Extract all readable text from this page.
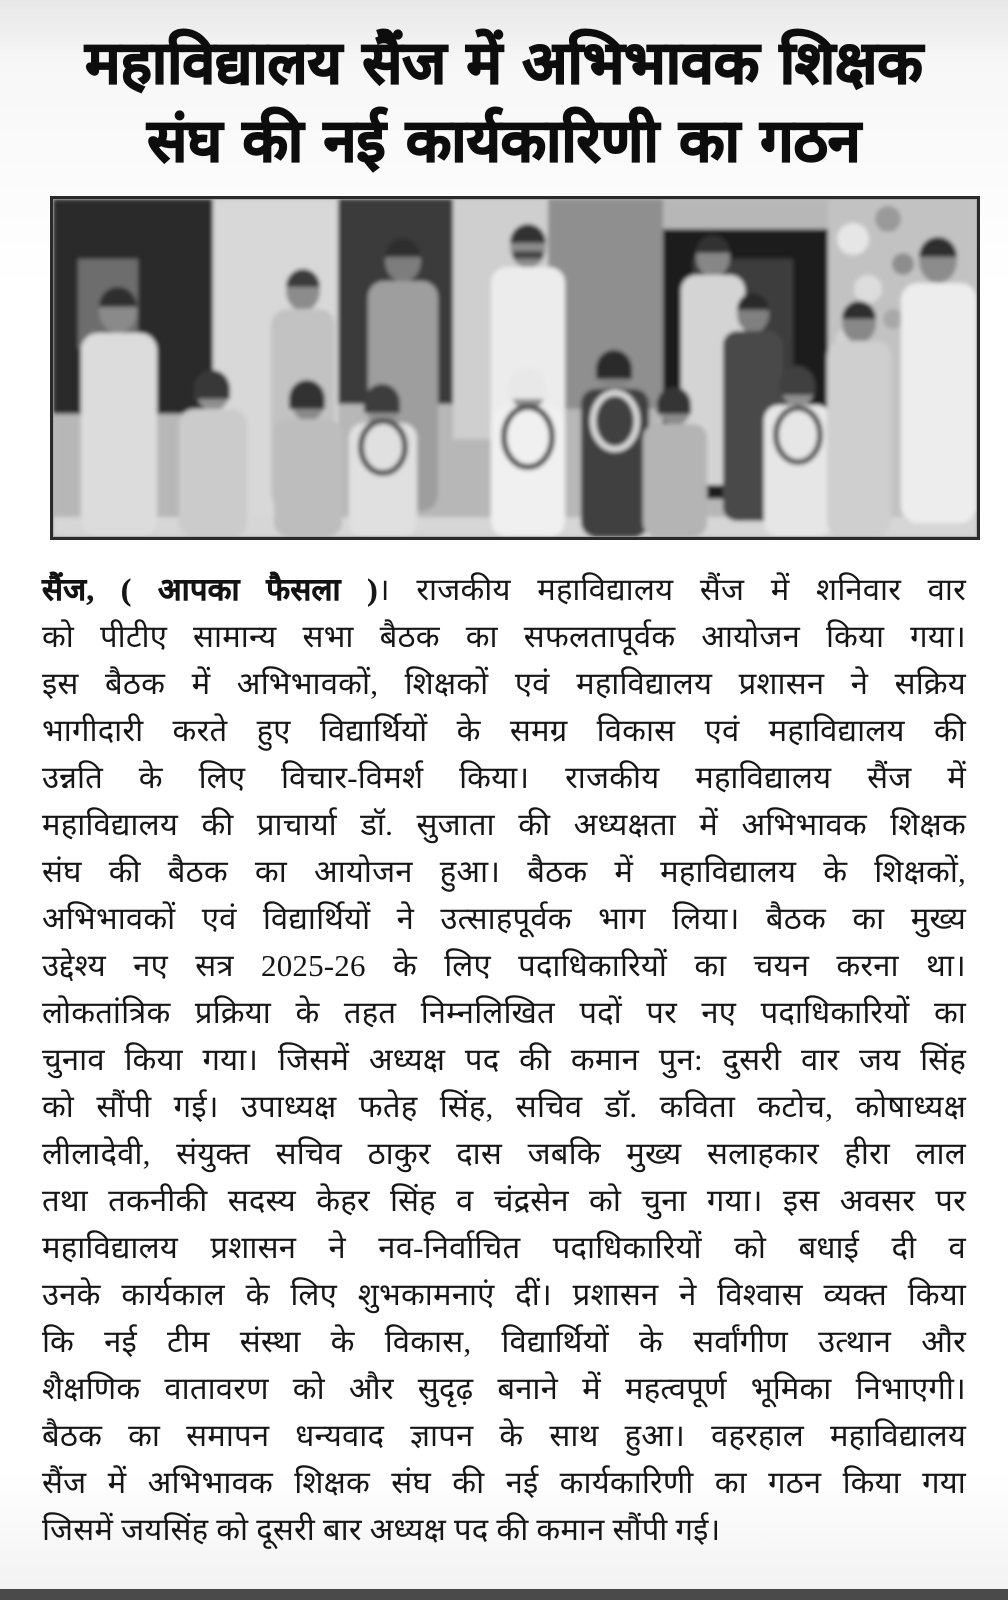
महाविद्यालय सैंज में अभिभावक शिक्षक
संघ की नई कार्यकारिणी का गठन
सैंज, ( आपका फैसला )। राजकीय महाविद्यालय सैंज में शनिवार वार
को पीटीए सामान्य सभा बैठक का सफलतापूर्वक आयोजन किया गया।
इस बैठक में अभिभावकों, शिक्षकों एवं महाविद्यालय प्रशासन ने सक्रिय
भागीदारी करते हुए विद्यार्थियों के समग्र विकास एवं महाविद्यालय की
उन्नति के लिए विचार-विमर्श किया। राजकीय महाविद्यालय सैंज में
महाविद्यालय की प्राचार्या डॉ. सुजाता की अध्यक्षता में अभिभावक शिक्षक
संघ की बैठक का आयोजन हुआ। बैठक में महाविद्यालय के शिक्षकों,
अभिभावकों एवं विद्यार्थियों ने उत्साहपूर्वक भाग लिया। बैठक का मुख्य
उद्देश्य नए सत्र 2025-26 के लिए पदाधिकारियों का चयन करना था।
लोकतांत्रिक प्रक्रिया के तहत निम्नलिखित पदों पर नए पदाधिकारियों का
चुनाव किया गया। जिसमें अध्यक्ष पद की कमान पुन: दुसरी वार जय सिंह
को सौंपी गई। उपाध्यक्ष फतेह सिंह, सचिव डॉ. कविता कटोच, कोषाध्यक्ष
लीलादेवी, संयुक्त सचिव ठाकुर दास जबकि मुख्य सलाहकार हीरा लाल
तथा तकनीकी सदस्य केहर सिंह व चंद्रसेन को चुना गया। इस अवसर पर
महाविद्यालय प्रशासन ने नव-निर्वाचित पदाधिकारियों को बधाई दी व
उनके कार्यकाल के लिए शुभकामनाएं दीं। प्रशासन ने विश्वास व्यक्त किया
कि नई टीम संस्था के विकास, विद्यार्थियों के सर्वांगीण उत्थान और
शैक्षणिक वातावरण को और सुदृढ़ बनाने में महत्वपूर्ण भूमिका निभाएगी।
बैठक का समापन धन्यवाद ज्ञापन के साथ हुआ। वहरहाल महाविद्यालय
सैंज में अभिभावक शिक्षक संघ की नई कार्यकारिणी का गठन किया गया
जिसमें जयसिंह को दूसरी बार अध्यक्ष पद की कमान सौंपी गई।
